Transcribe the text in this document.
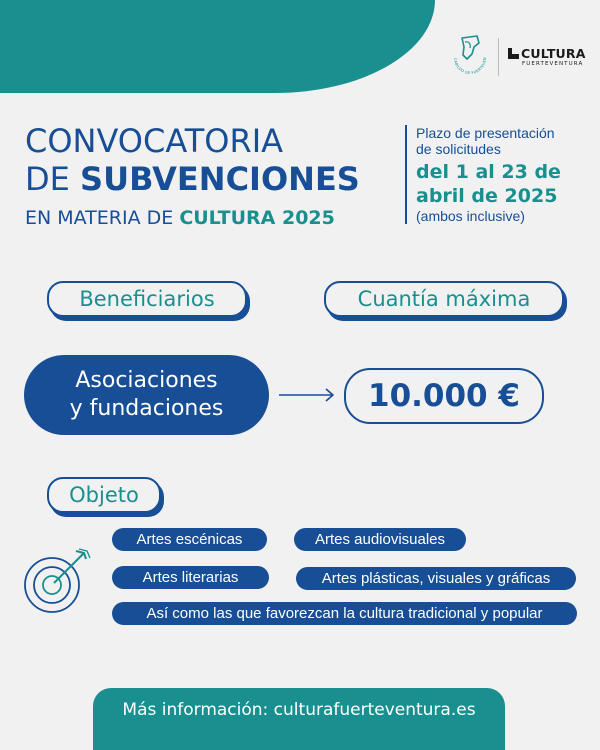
CABILDO DE FUERTEVEN	CULTURA
FUERTEVENTURA
CONVOCATORIA
DE SUBVENCIONES
EN MATERIA DE CULTURA 2025
Plazo de presentación
de solicitudes
del 1 al 23 de
abril de 2025
(ambos inclusive)
Beneficiarios	Cuantía máxima
Asociaciones
y fundaciones	10.000 €
Objeto
Artes escénicas	Artes audiovisuales
Artes literarias	Artes plásticas, visuales y gráficas
Así como las que favorezcan la cultura tradicional y popular
Más información: culturafuerteventura.es
